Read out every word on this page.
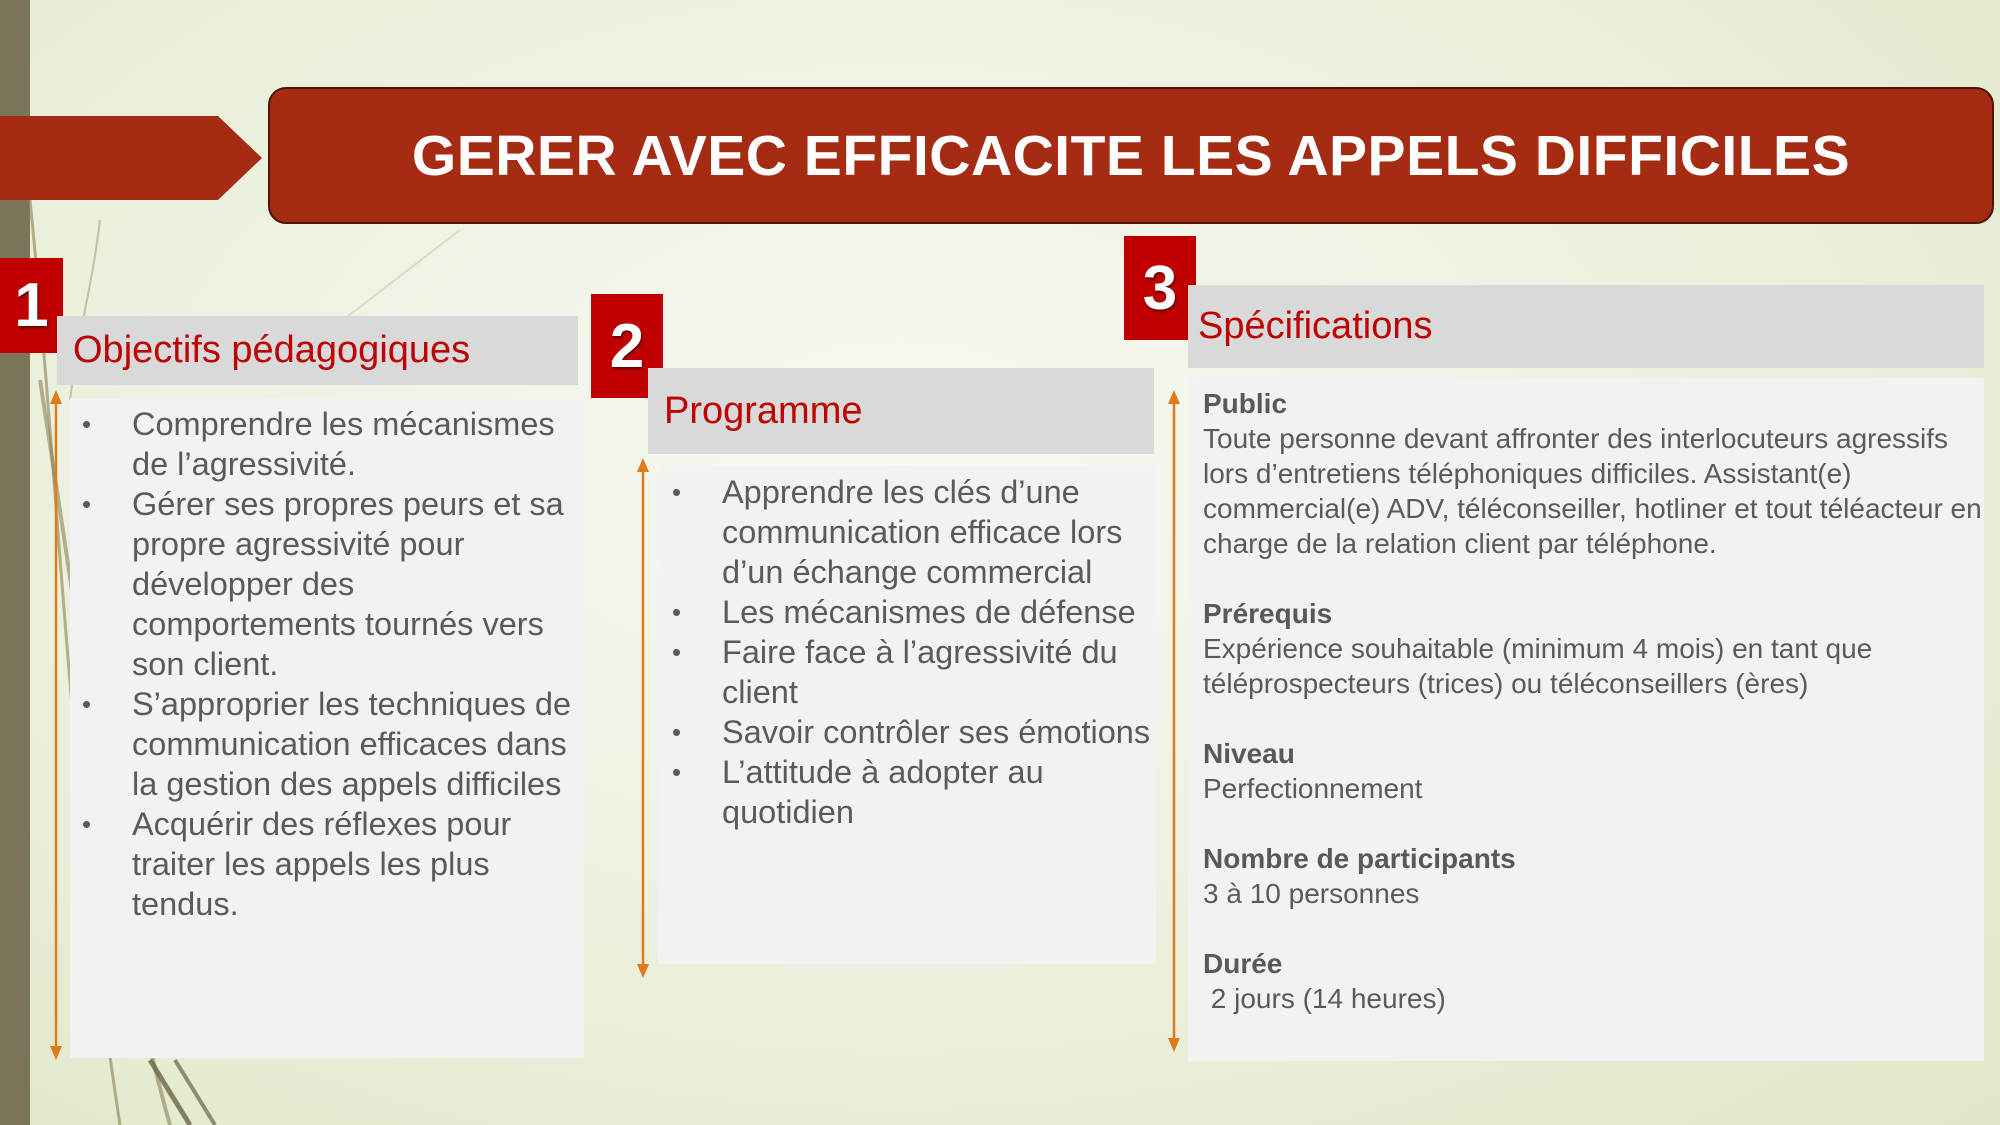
GERER AVEC EFFICACITE LES APPELS DIFFICILES
1
Objectifs pédagogiques
• Comprendre les mécanismes de l’agressivité.
• Gérer ses propres peurs et sa propre agressivité pour développer des comportements tournés vers son client.
• S’approprier les techniques de communication efficaces dans la gestion des appels difficiles
• Acquérir des réflexes pour traiter les appels les plus tendus.
2
Programme
• Apprendre les clés d’une communication efficace lors d’un échange commercial
• Les mécanismes de défense
• Faire face à l’agressivité du client
• Savoir contrôler ses émotions
• L’attitude à adopter au quotidien
3
Spécifications
Public
Toute personne devant affronter des interlocuteurs agressifs lors d’entretiens téléphoniques difficiles. Assistant(e) commercial(e) ADV, téléconseiller, hotliner et tout téléacteur en charge de la relation client par téléphone.
Prérequis
Expérience souhaitable (minimum 4 mois) en tant que téléprospecteurs (trices) ou téléconseillers (ères)
Niveau
Perfectionnement
Nombre de participants
3 à 10 personnes
Durée
2 jours (14 heures)
